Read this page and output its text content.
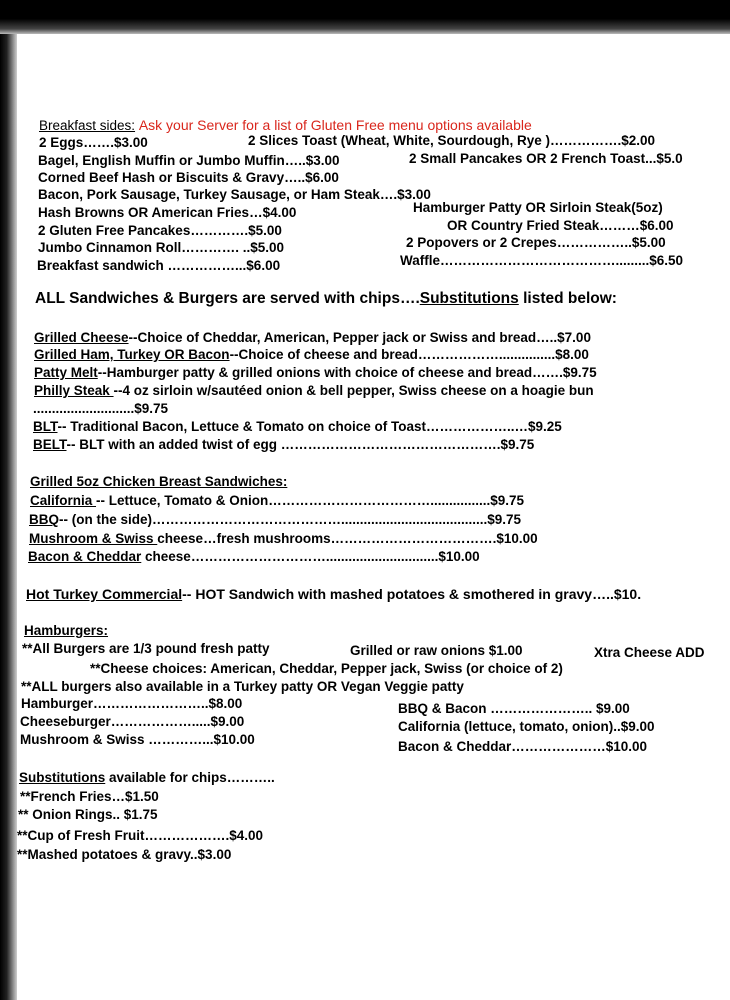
Breakfast sides: Ask your Server for a list of Gluten Free menu options available
2 Eggs…….$3.00	2 Slices Toast (Wheat, White, Sourdough, Rye )…………….$2.00
Bagel, English Muffin or Jumbo Muffin…..$3.00	2 Small Pancakes OR 2 French Toast...$5.0
Corned Beef Hash or Biscuits & Gravy…..$6.00
Bacon, Pork Sausage, Turkey Sausage, or Ham Steak….$3.00
Hash Browns OR American Fries…$4.00	Hamburger Patty OR Sirloin Steak(5oz)
2 Gluten Free Pancakes………….$5.00	OR Country Fried Steak………$6.00
Jumbo Cinnamon Roll…………. ..$5.00	2 Popovers or 2 Crepes……………..$5.00
Breakfast sandwich ……………...$6.00	Waffle………………………………….........$6.50
ALL Sandwiches & Burgers are served with chips….Substitutions listed below:
Grilled Cheese--Choice of Cheddar, American, Pepper jack or Swiss and bread…..$7.00
Grilled Ham, Turkey OR Bacon--Choice of cheese and bread………………...............$8.00
Patty Melt--Hamburger patty & grilled onions with choice of cheese and bread…….$9.75
Philly Steak --4 oz sirloin w/sautéed onion & bell pepper, Swiss cheese on a hoagie bun
...........................$9.75
BLT-- Traditional Bacon, Lettuce & Tomato on choice of Toast………………..…$9.25
BELT-- BLT with an added twist of egg ………………………………………….$9.75
Grilled 5oz Chicken Breast Sandwiches:
California -- Lettuce, Tomato & Onion………………………………................$9.75
BBQ-- (on the side)…………………………………….......................................$9.75
Mushroom & Swiss cheese…fresh mushrooms……………………………….$10.00
Bacon & Cheddar cheese…………………………..............................$10.00
Hot Turkey Commercial-- HOT Sandwich with mashed potatoes & smothered in gravy…..$10.
Hamburgers:
**All Burgers are 1/3 pound fresh patty	Grilled or raw onions $1.00	Xtra Cheese ADD
**Cheese choices: American, Cheddar, Pepper jack, Swiss (or choice of 2)
**ALL burgers also available in a Turkey patty OR Vegan Veggie patty
Hamburger……………………..$8.00
Cheeseburger……………….....$9.00
Mushroom & Swiss …………...$10.00
BBQ & Bacon ………………….. $9.00
California (lettuce, tomato, onion)..$9.00
Bacon & Cheddar…………………$10.00
Substitutions available for chips………..
**French Fries…$1.50
** Onion Rings.. $1.75
**Cup of Fresh Fruit……………….$4.00
**Mashed potatoes & gravy..$3.00
